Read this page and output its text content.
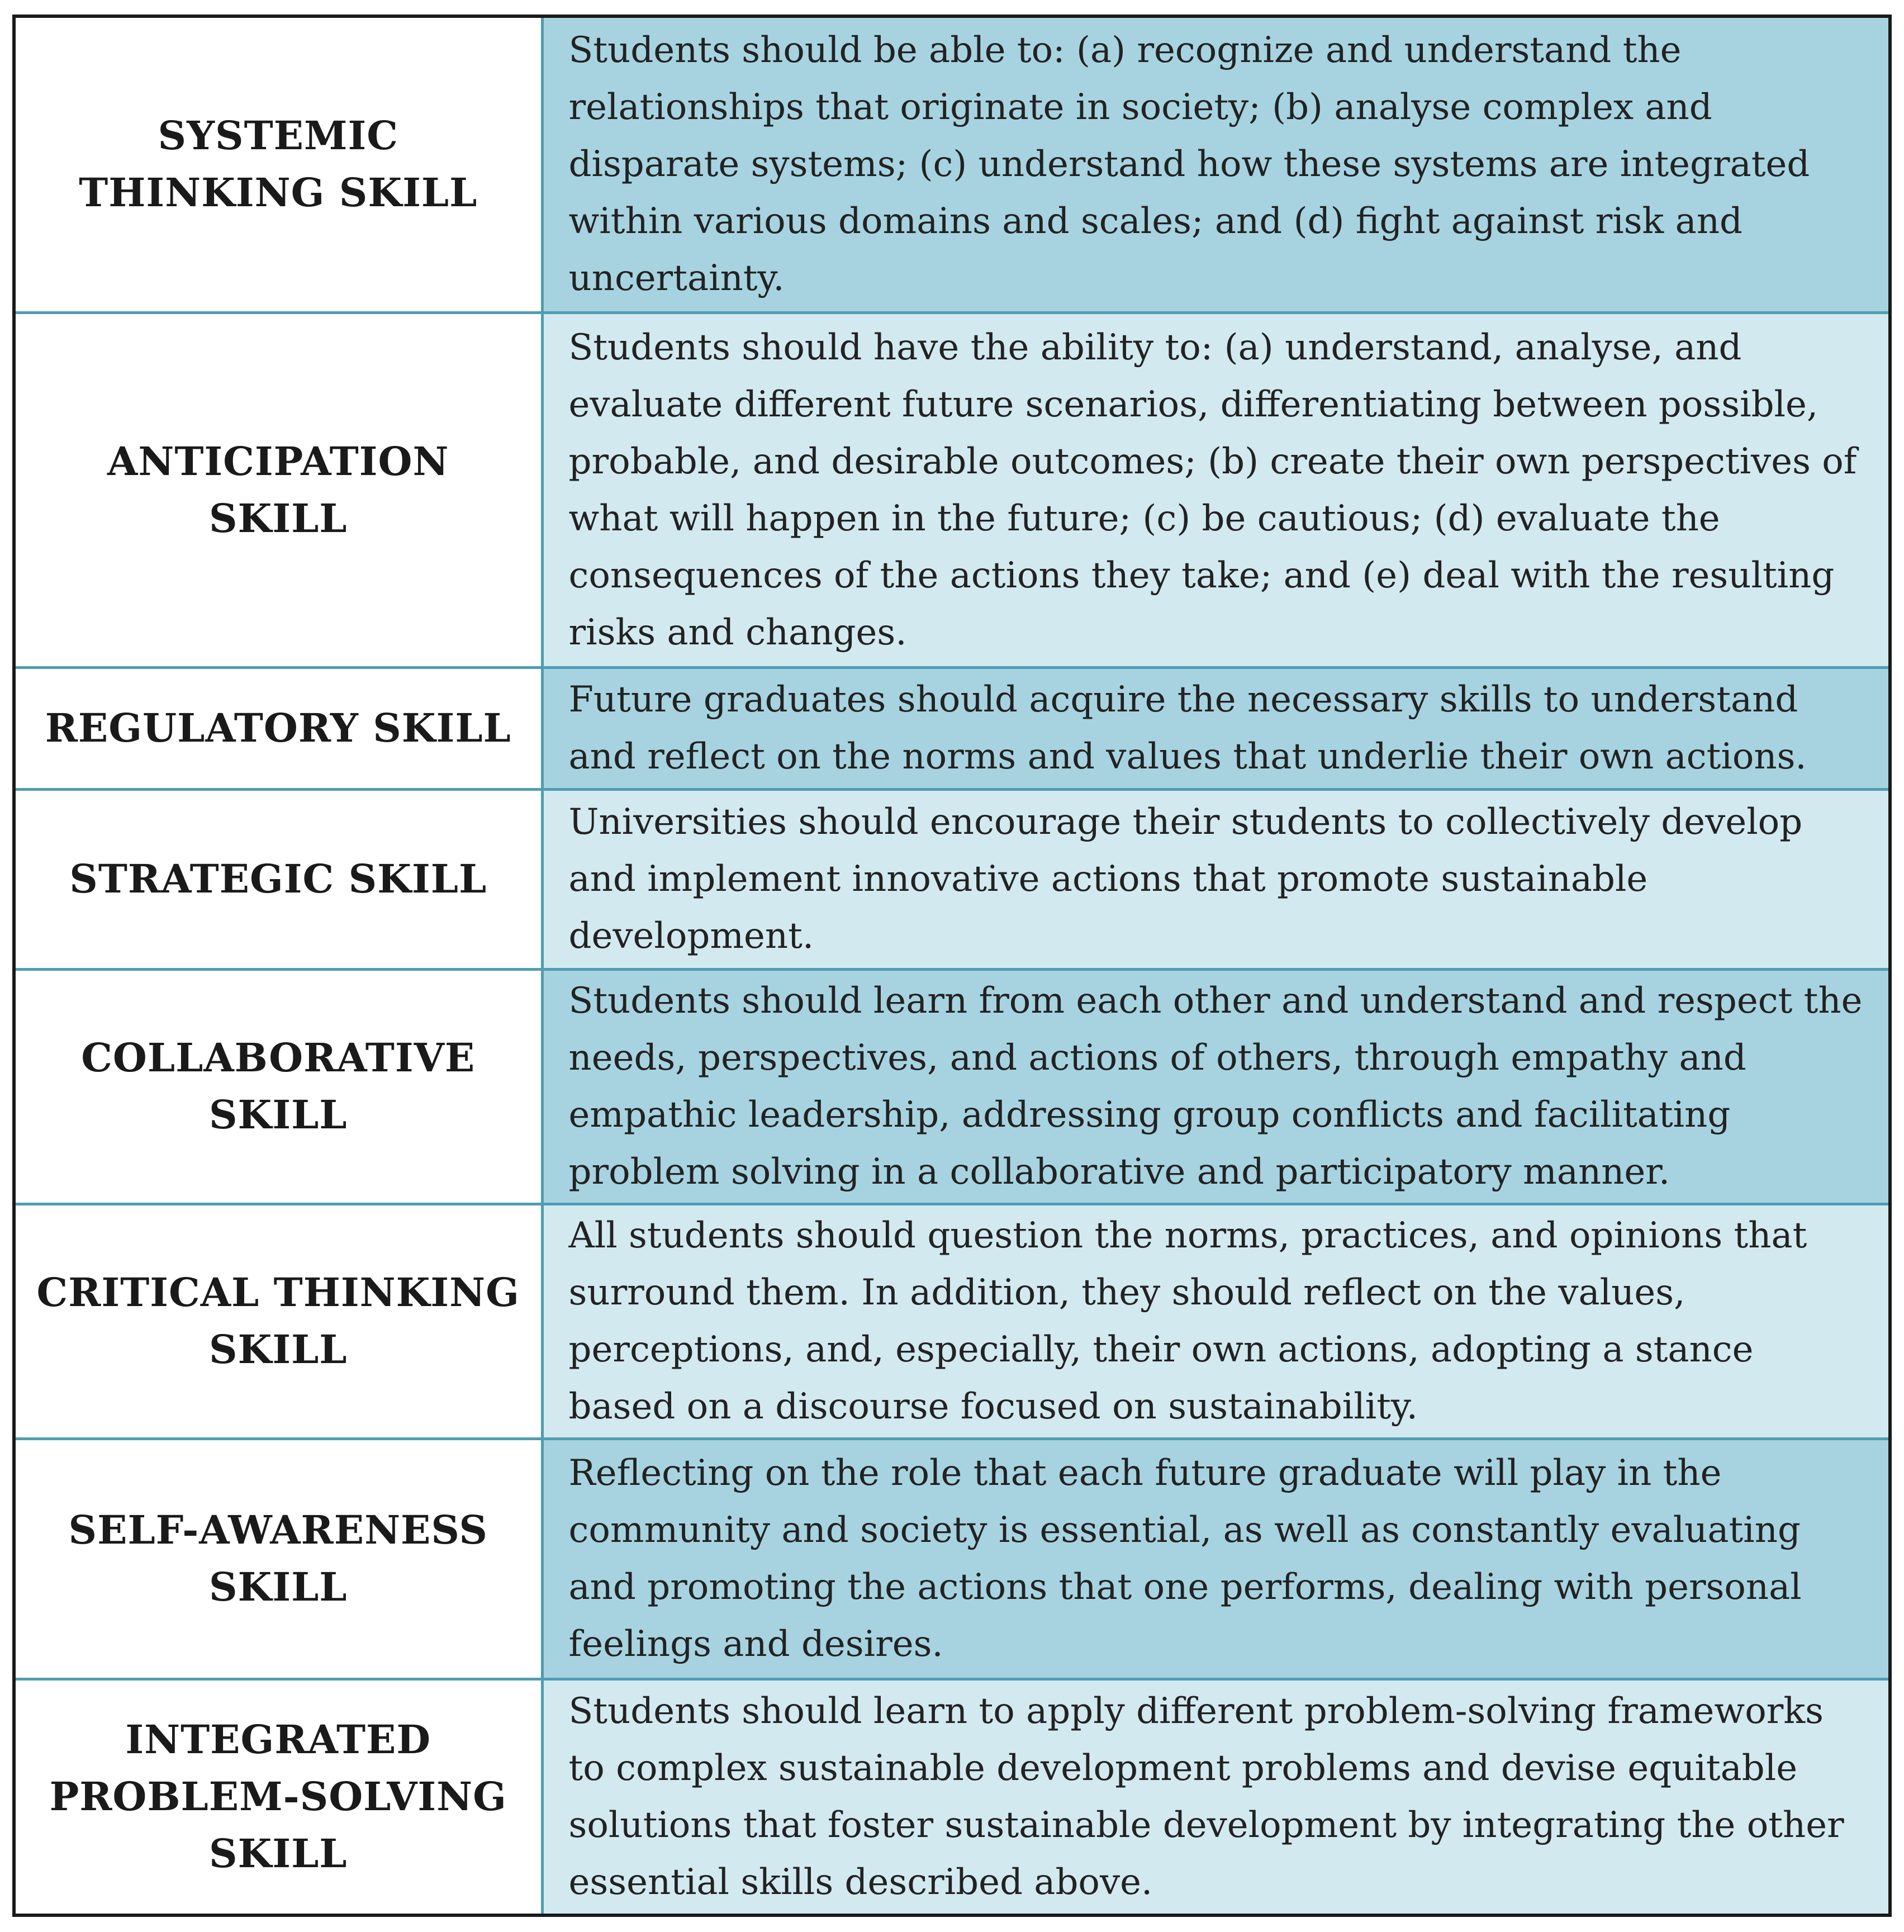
SYSTEMIC THINKING SKILL	Students should be able to: (a) recognize and understand the relationships that originate in society; (b) analyse complex and disparate systems; (c) understand how these systems are integrated within various domains and scales; and (d) fight against risk and uncertainty.
ANTICIPATION SKILL	Students should have the ability to: (a) understand, analyse, and evaluate different future scenarios, differentiating between possible, probable, and desirable outcomes; (b) create their own perspectives of what will happen in the future; (c) be cautious; (d) evaluate the consequences of the actions they take; and (e) deal with the resulting risks and changes.
REGULATORY SKILL	Future graduates should acquire the necessary skills to understand and reflect on the norms and values that underlie their own actions.
STRATEGIC SKILL	Universities should encourage their students to collectively develop and implement innovative actions that promote sustainable development.
COLLABORATIVE SKILL	Students should learn from each other and understand and respect the needs, perspectives, and actions of others, through empathy and empathic leadership, addressing group conflicts and facilitating problem solving in a collaborative and participatory manner.
CRITICAL THINKING SKILL	All students should question the norms, practices, and opinions that surround them. In addition, they should reflect on the values, perceptions, and, especially, their own actions, adopting a stance based on a discourse focused on sustainability.
SELF-AWARENESS SKILL	Reflecting on the role that each future graduate will play in the community and society is essential, as well as constantly evaluating and promoting the actions that one performs, dealing with personal feelings and desires.
INTEGRATED PROBLEM-SOLVING SKILL	Students should learn to apply different problem-solving frameworks to complex sustainable development problems and devise equitable solutions that foster sustainable development by integrating the other essential skills described above.
